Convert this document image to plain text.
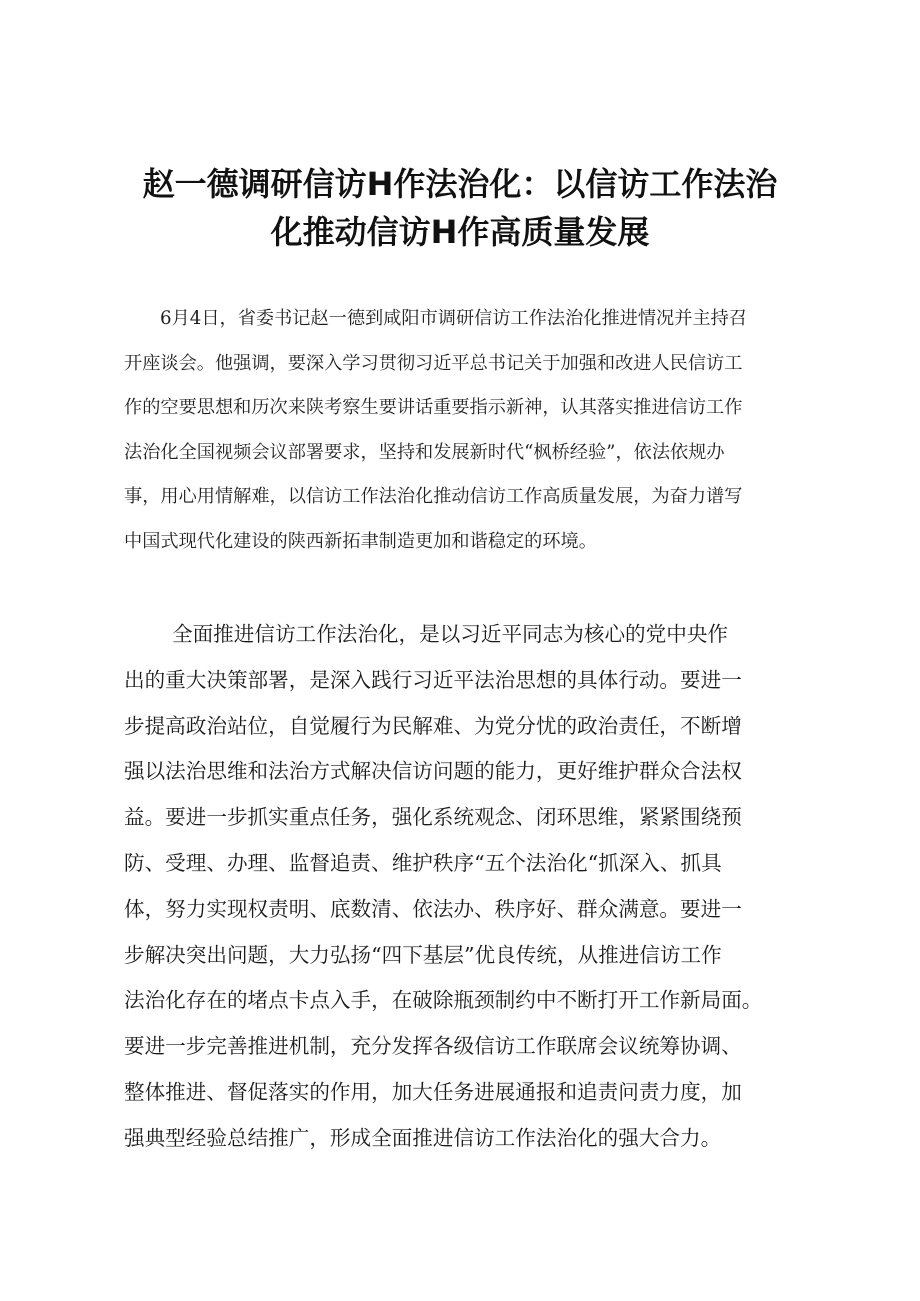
赵一德调研信访H作法治化：以信访工作法治
化推动信访H作高质量发展
6月4日，省委书记赵一德到咸阳市调研信访工作法治化推进情况并主持召
开座谈会。他强调，要深入学习贯彻习近平总书记关于加强和改进人民信访工
作的空要思想和历次来陕考察生要讲话重要指示新神，认其落实推进信访工作
法治化全国视频会议部署要求，坚持和发展新时代“枫桥经验”，依法依规办
事，用心用情解难，以信访工作法治化推动信访工作高质量发展，为奋力谱写
中国式现代化建设的陕西新拓聿制造更加和谐稳定的环境。
全面推进信访工作法治化，是以习近平同志为核心的党中央作
出的重大决策部署，是深入践行习近平法治思想的具体行动。要进一
步提高政治站位，自觉履行为民解难、为党分忧的政治责任，不断增
强以法治思维和法治方式解决信访问题的能力，更好维护群众合法权
益。要进一步抓实重点任务，强化系统观念、闭环思维，紧紧围绕预
防、受理、办理、监督追责、维护秩序“五个法治化“抓深入、抓具
体，努力实现权责明、底数清、依法办、秩序好、群众满意。要进一
步解决突出问题，大力弘扬“四下基层”优良传统，从推进信访工作
法治化存在的堵点卡点入手，在破除瓶颈制约中不断打开工作新局面。
要进一步完善推进机制，充分发挥各级信访工作联席会议统筹协调、
整体推进、督促落实的作用，加大任务进展通报和追责问责力度，加
强典型经验总结推广，形成全面推进信访工作法治化的强大合力。
